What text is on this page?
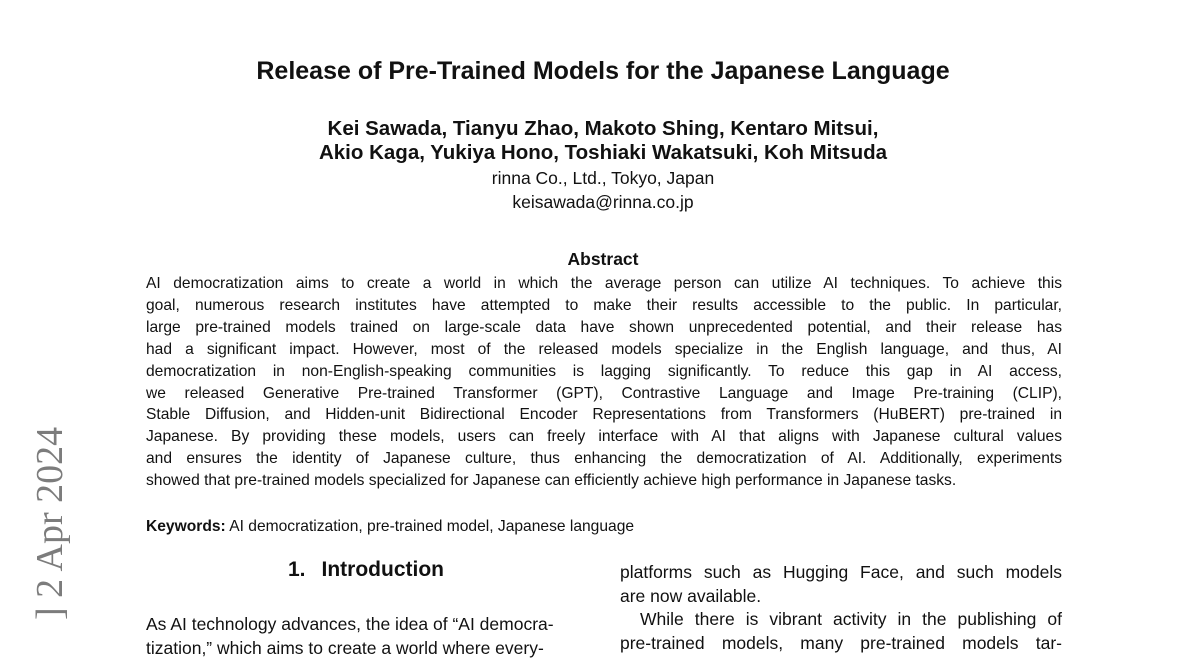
Release of Pre-Trained Models for the Japanese Language
Kei Sawada, Tianyu Zhao, Makoto Shing, Kentaro Mitsui,
Akio Kaga, Yukiya Hono, Toshiaki Wakatsuki, Koh Mitsuda
rinna Co., Ltd., Tokyo, Japan
keisawada@rinna.co.jp
Abstract
AI democratization aims to create a world in which the average person can utilize AI techniques. To achieve this
goal, numerous research institutes have attempted to make their results accessible to the public. In particular,
large pre-trained models trained on large-scale data have shown unprecedented potential, and their release has
had a significant impact. However, most of the released models specialize in the English language, and thus, AI
democratization in non-English-speaking communities is lagging significantly. To reduce this gap in AI access,
we released Generative Pre-trained Transformer (GPT), Contrastive Language and Image Pre-training (CLIP),
Stable Diffusion, and Hidden-unit Bidirectional Encoder Representations from Transformers (HuBERT) pre-trained in
Japanese. By providing these models, users can freely interface with AI that aligns with Japanese cultural values
and ensures the identity of Japanese culture, thus enhancing the democratization of AI. Additionally, experiments
showed that pre-trained models specialized for Japanese can efficiently achieve high performance in Japanese tasks.
Keywords: AI democratization, pre-trained model, Japanese language
1. Introduction
As AI technology advances, the idea of “AI democra-
tization,” which aims to create a world where every-
platforms such as Hugging Face, and such models
are now available.
While there is vibrant activity in the publishing of
pre-trained models, many pre-trained models tar-
] 2 Apr 2024
